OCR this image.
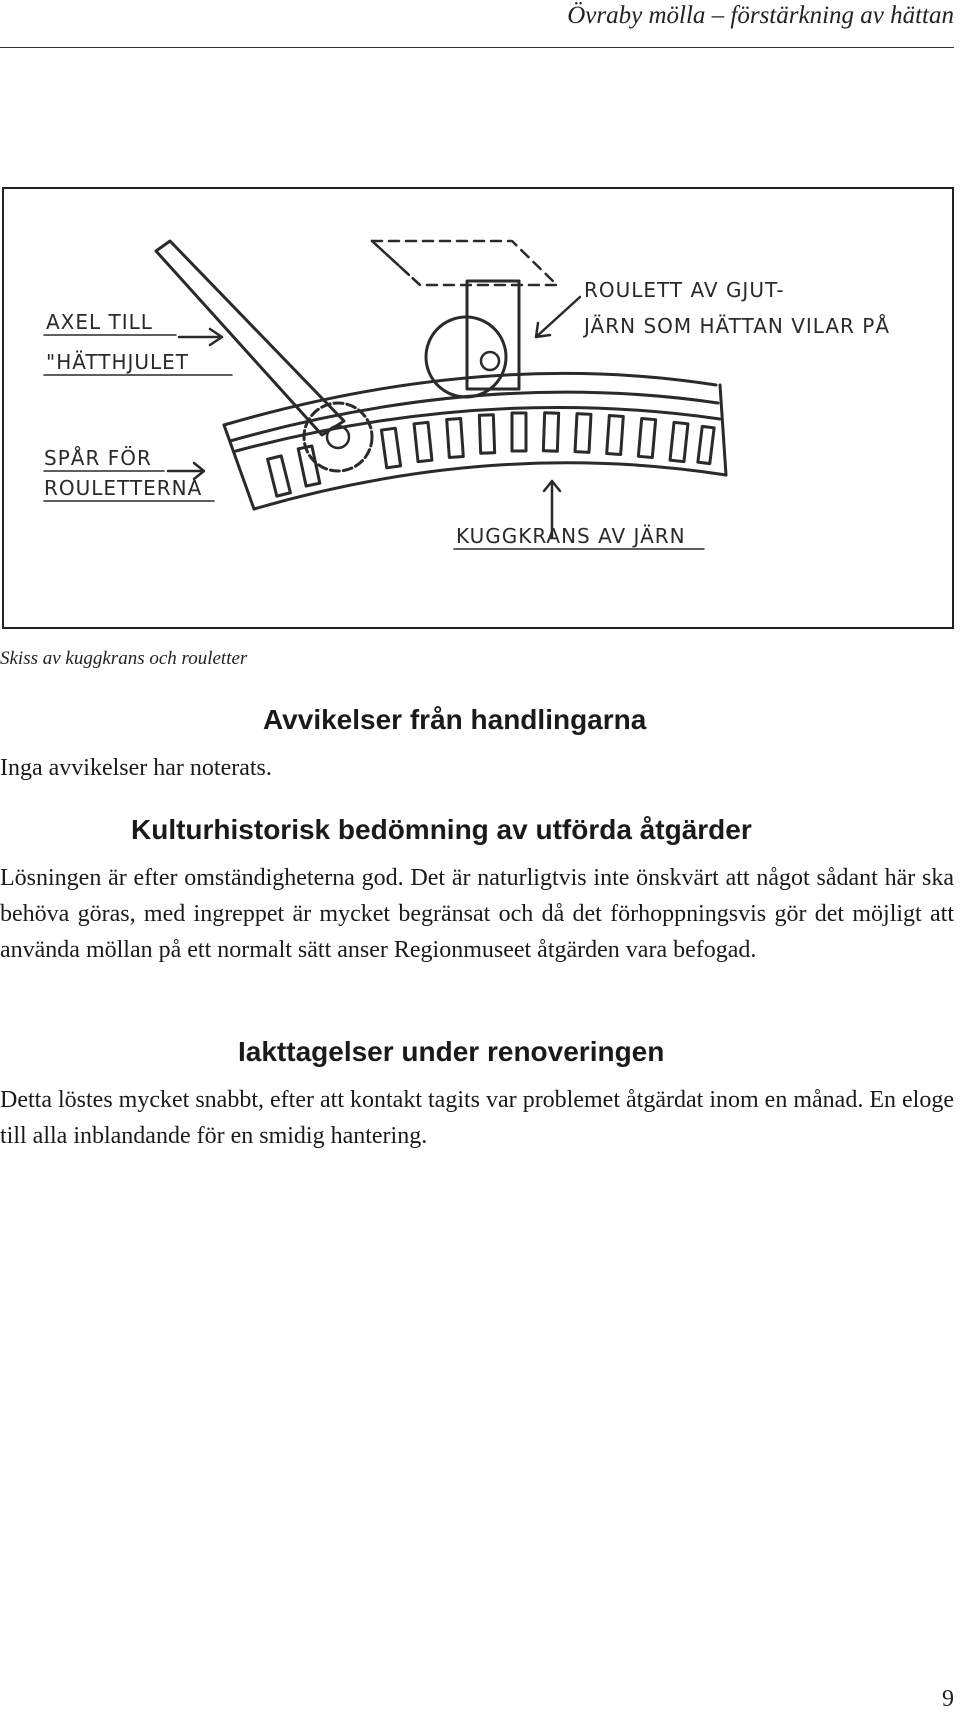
Övraby mölla – förstärkning av hättan
AXEL TILL
"HÄTTHJULET
ROULETT AV GJUT-
JÄRN SOM HÄTTAN VILAR PÅ
SPÅR FÖR
ROULETTERNA
KUGGKRANS AV JÄRN
Skiss av kuggkrans och rouletter
Avvikelser från handlingarna

Inga avvikelser har noterats.

Kulturhistorisk bedömning av utförda åtgärder

Lösningen är efter omständigheterna god. Det är naturligtvis inte önskvärt att något sådant här ska behöva göras, med ingreppet är mycket begränsat och då det förhoppningsvis gör det möjligt att använda möllan på ett normalt sätt anser Regionmuseet åtgärden vara befogad.

Iakttagelser under renoveringen

Detta löstes mycket snabbt, efter att kontakt tagits var problemet åtgärdat inom en månad. En eloge till alla inblandande för en smidig hantering.

9
